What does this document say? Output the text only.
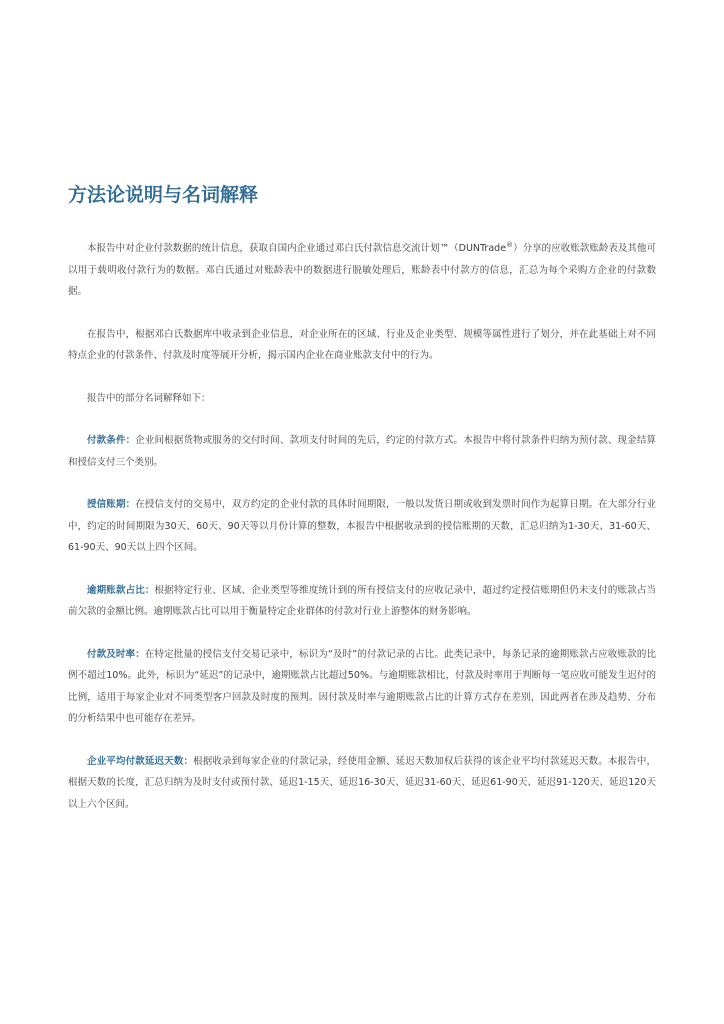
方法论说明与名词解释

本报告中对企业付款数据的统计信息，获取自国内企业通过邓白氏付款信息交流计划™（DUNTrade®）分享的应收账款账龄表及其他可以用于载明收付款行为的数据。邓白氏通过对账龄表中的数据进行脱敏处理后，账龄表中付款方的信息，汇总为每个采购方企业的付款数据。

在报告中，根据邓白氏数据库中收录到企业信息，对企业所在的区域、行业及企业类型、规模等属性进行了划分，并在此基础上对不同特点企业的付款条件、付款及时度等展开分析，揭示国内企业在商业账款支付中的行为。

报告中的部分名词解释如下：

付款条件：企业间根据货物或服务的交付时间、款项支付时间的先后，约定的付款方式。本报告中将付款条件归纳为预付款、现金结算和授信支付三个类别。

授信账期：在授信支付的交易中，双方约定的企业付款的具体时间期限，一般以发货日期或收到发票时间作为起算日期。在大部分行业中，约定的时间期限为30天、60天、90天等以月份计算的整数，本报告中根据收录到的授信账期的天数，汇总归纳为1-30天、31-60天、61-90天、90天以上四个区间。

逾期账款占比：根据特定行业、区域、企业类型等维度统计到的所有授信支付的应收记录中，超过约定授信账期但仍未支付的账款占当前欠款的金额比例。逾期账款占比可以用于衡量特定企业群体的付款对行业上游整体的财务影响。

付款及时率：在特定批量的授信支付交易记录中，标识为“及时”的付款记录的占比。此类记录中，每条记录的逾期账款占应收账款的比例不超过10%。此外，标识为“延迟”的记录中，逾期账款占比超过50%。与逾期账款相比，付款及时率用于判断每一笔应收可能发生迟付的比例，适用于每家企业对不同类型客户回款及时度的预判。因付款及时率与逾期账款占比的计算方式存在差别，因此两者在涉及趋势、分布的分析结果中也可能存在差异。

企业平均付款延迟天数：根据收录到每家企业的付款记录，经使用金额、延迟天数加权后获得的该企业平均付款延迟天数。本报告中，根据天数的长度，汇总归纳为及时支付或预付款、延迟1-15天、延迟16-30天、延迟31-60天、延迟61-90天、延迟91-120天、延迟120天以上六个区间。
